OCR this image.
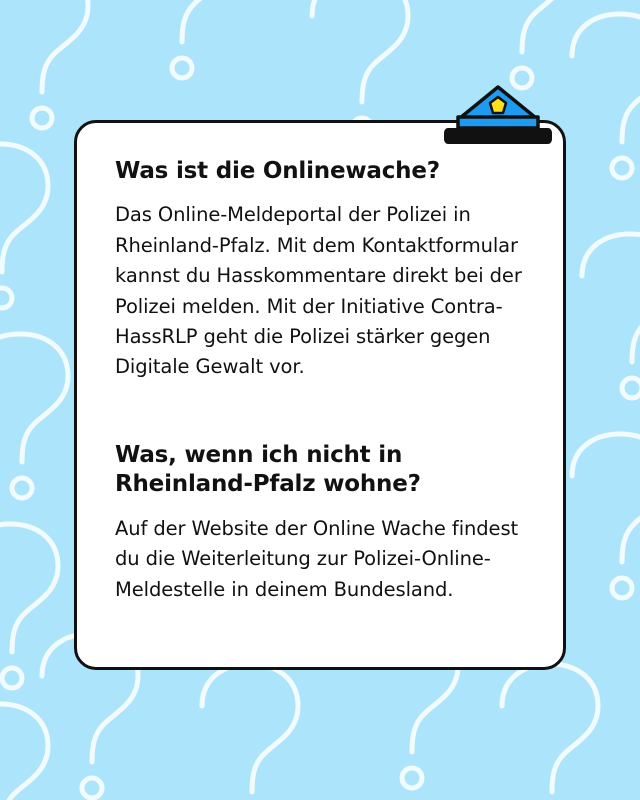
Was ist die Onlinewache?

Das Online-Meldeportal der Polizei in Rheinland-Pfalz. Mit dem Kontaktformular kannst du Hasskommentare direkt bei der Polizei melden. Mit der Initiative Contra-HassRLP geht die Polizei stärker gegen Digitale Gewalt vor.

Was, wenn ich nicht in Rheinland-Pfalz wohne?

Auf der Website der Online Wache findest du die Weiterleitung zur Polizei-Online-Meldestelle in deinem Bundesland.
